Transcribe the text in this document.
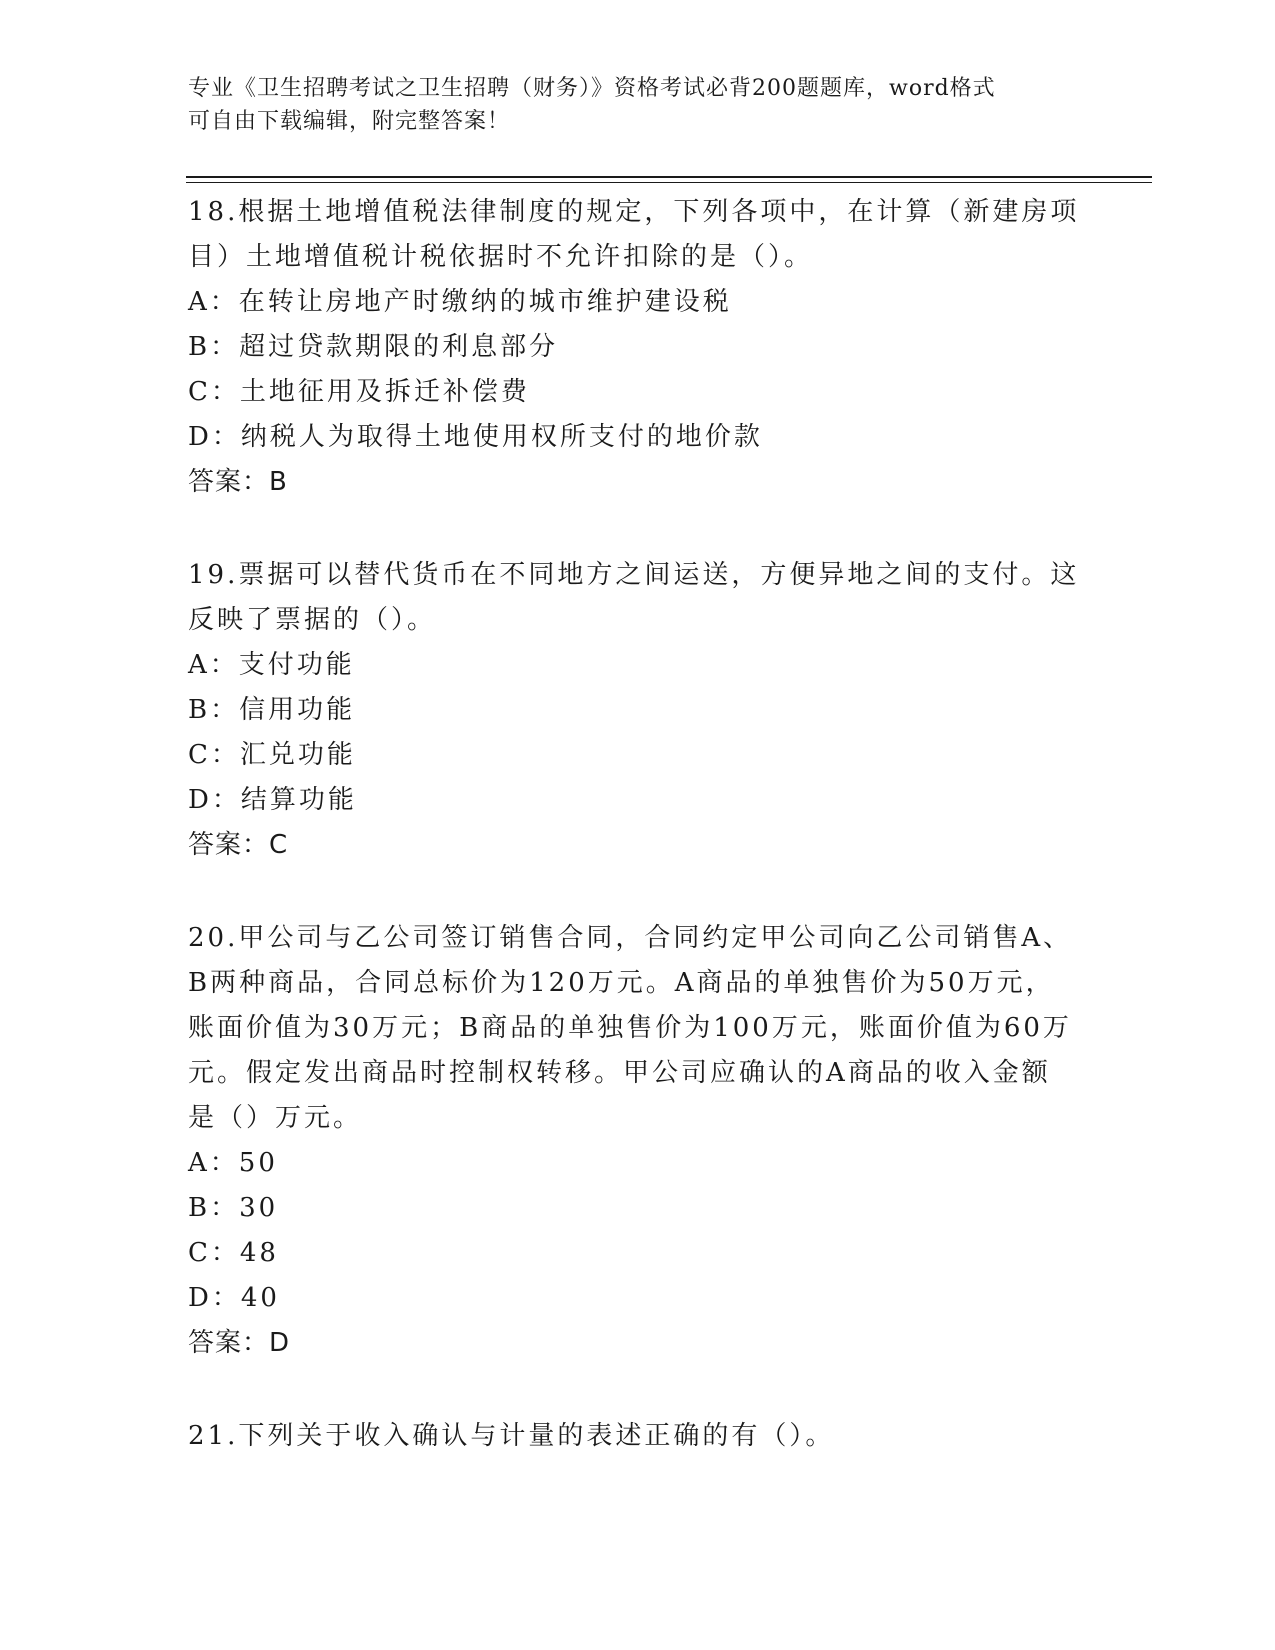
专业《卫生招聘考试之卫生招聘（财务）》资格考试必背200题题库，word格式
可自由下载编辑，附完整答案！

18.根据土地增值税法律制度的规定，下列各项中，在计算（新建房项

目）土地增值税计税依据时不允许扣除的是（）。

A：在转让房地产时缴纳的城市维护建设税

B：超过贷款期限的利息部分

C：土地征用及拆迁补偿费

D：纳税人为取得土地使用权所支付的地价款

答案：B

19.票据可以替代货币在不同地方之间运送，方便异地之间的支付。这

反映了票据的（）。

A：支付功能

B：信用功能

C：汇兑功能

D：结算功能

答案：C

20.甲公司与乙公司签订销售合同，合同约定甲公司向乙公司销售A、

B两种商品，合同总标价为120万元。A商品的单独售价为50万元，

账面价值为30万元；B商品的单独售价为100万元，账面价值为60万

元。假定发出商品时控制权转移。甲公司应确认的A商品的收入金额

是（）万元。

A：50

B：30

C：48

D：40

答案：D

21.下列关于收入确认与计量的表述正确的有（）。
